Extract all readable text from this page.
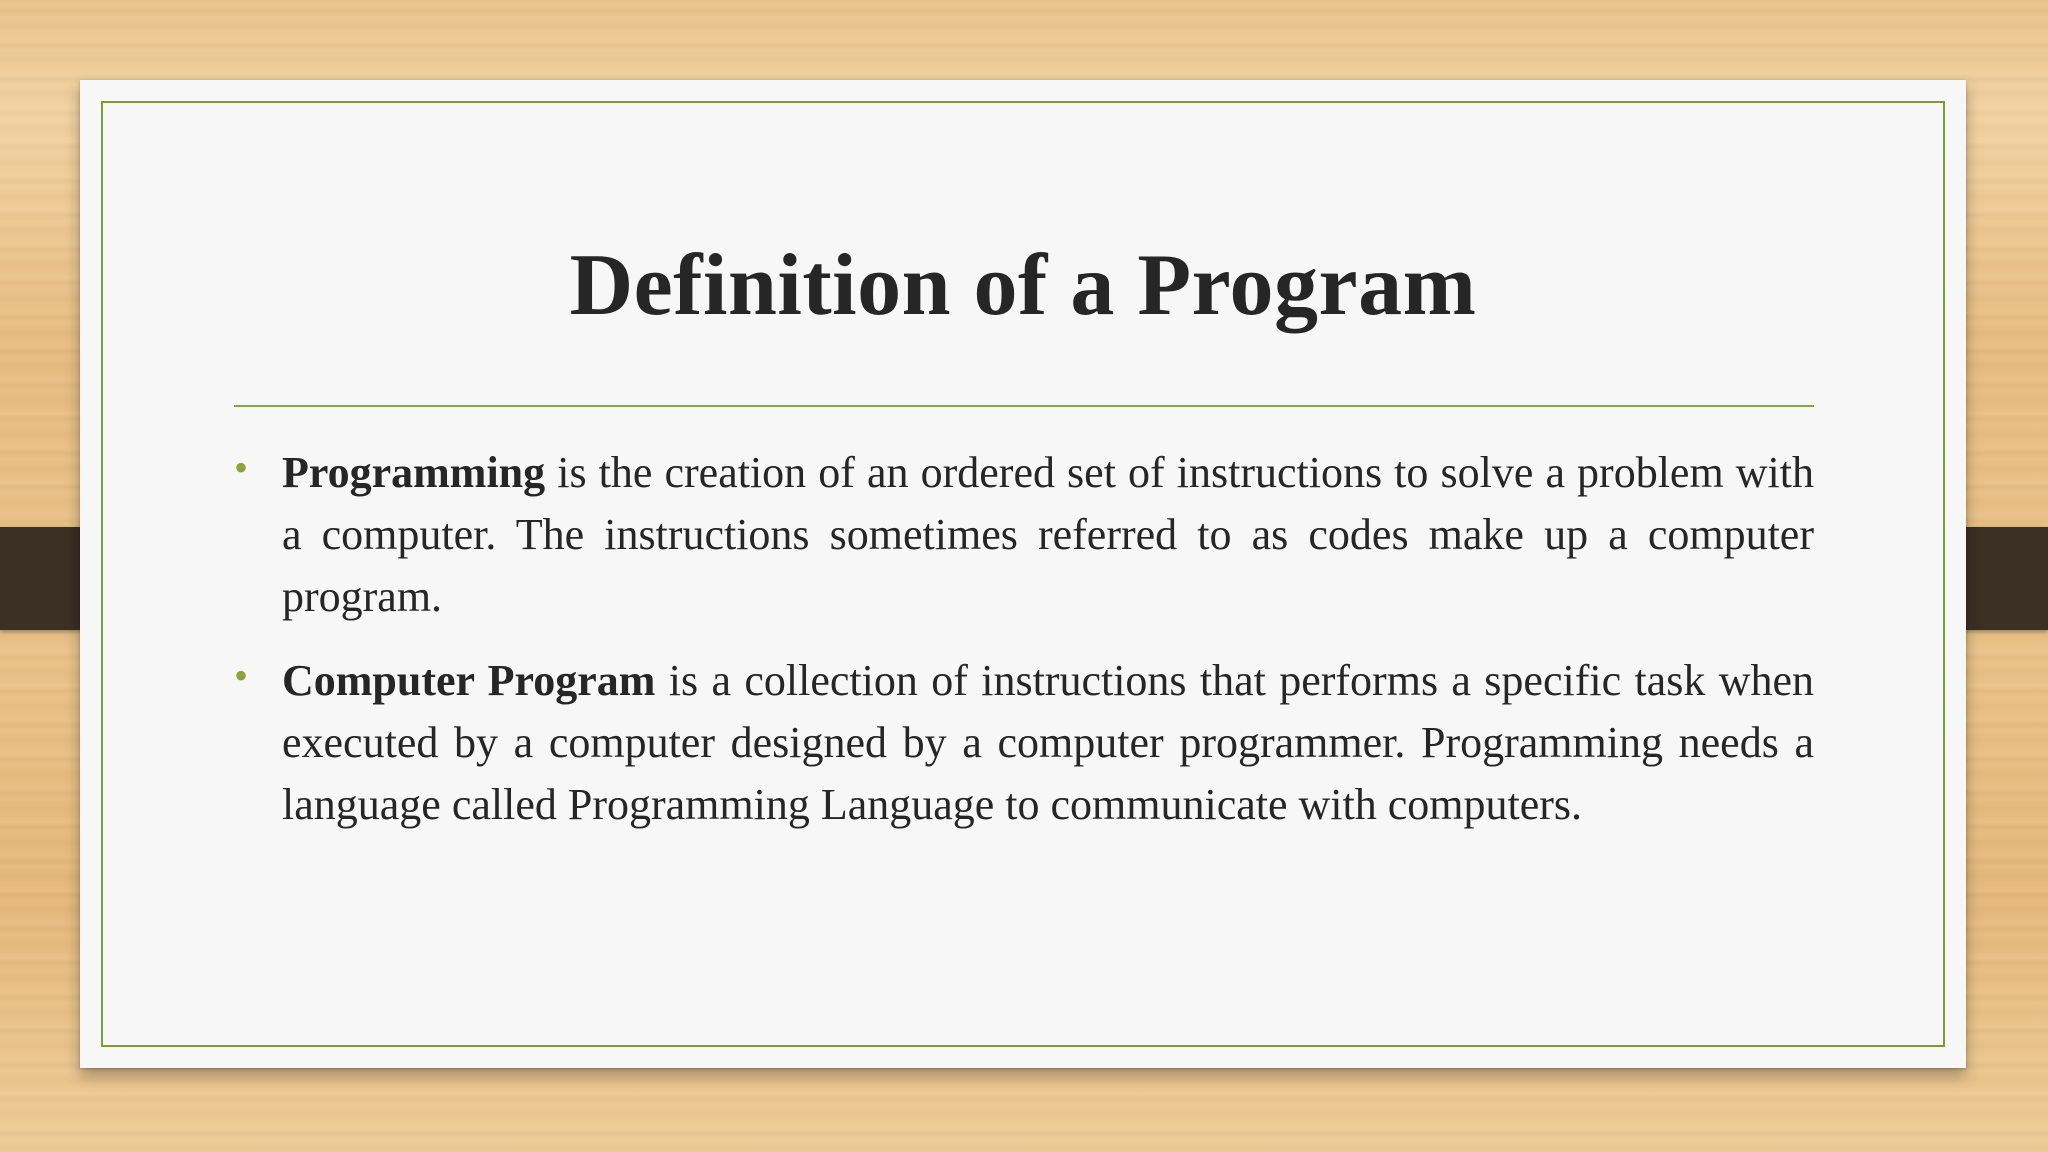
Definition of a Program
• Programming is the creation of an ordered set of instructions to solve a problem with a computer. The instructions sometimes referred to as codes make up a computer program.
• Computer Program is a collection of instructions that performs a specific task when executed by a computer designed by a computer programmer. Programming needs a language called Programming Language to communicate with computers.
